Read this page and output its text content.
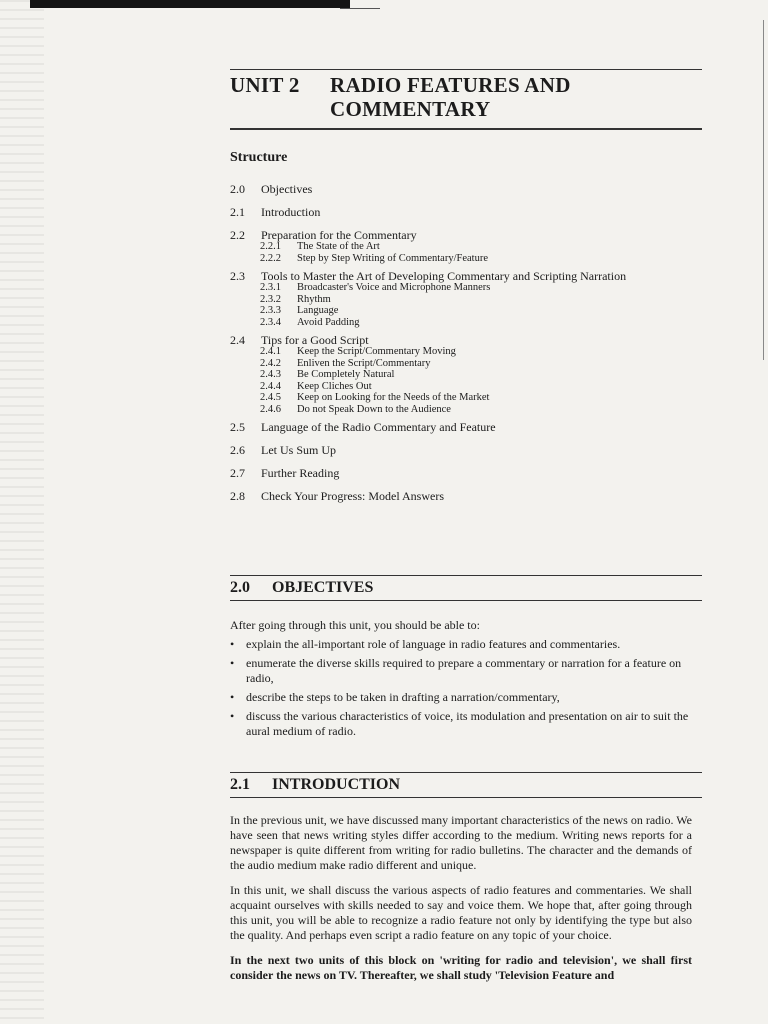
UNIT 2 RADIO FEATURES AND
COMMENTARY
Structure
2.0 Objectives
2.1 Introduction
2.2 Preparation for the Commentary
2.2.1 The State of the Art
2.2.2 Step by Step Writing of Commentary/Feature
2.3 Tools to Master the Art of Developing Commentary and Scripting Narration
2.3.1 Broadcaster's Voice and Microphone Manners
2.3.2 Rhythm
2.3.3 Language
2.3.4 Avoid Padding
2.4 Tips for a Good Script
2.4.1 Keep the Script/Commentary Moving
2.4.2 Enliven the Script/Commentary
2.4.3 Be Completely Natural
2.4.4 Keep Cliches Out
2.4.5 Keep on Looking for the Needs of the Market
2.4.6 Do not Speak Down to the Audience
2.5 Language of the Radio Commentary and Feature
2.6 Let Us Sum Up
2.7 Further Reading
2.8 Check Your Progress: Model Answers
2.0 OBJECTIVES
After going through this unit, you should be able to:
• explain the all-important role of language in radio features and commentaries.
• enumerate the diverse skills required to prepare a commentary or narration for a feature on radio,
• describe the steps to be taken in drafting a narration/commentary,
• discuss the various characteristics of voice, its modulation and presentation on air to suit the aural medium of radio.
2.1 INTRODUCTION

In the previous unit, we have discussed many important characteristics of the news on radio. We have seen that news writing styles differ according to the medium. Writing news reports for a newspaper is quite different from writing for radio bulletins. The character and the demands of the audio medium make radio different and unique.

In this unit, we shall discuss the various aspects of radio features and commentaries. We shall acquaint ourselves with skills needed to say and voice them. We hope that, after going through this unit, you will be able to recognize a radio feature not only by identifying the type but also the quality. And perhaps even script a radio feature on any topic of your choice.

In the next two units of this block on 'writing for radio and television', we shall first consider the news on TV. Thereafter, we shall study 'Television Feature and
